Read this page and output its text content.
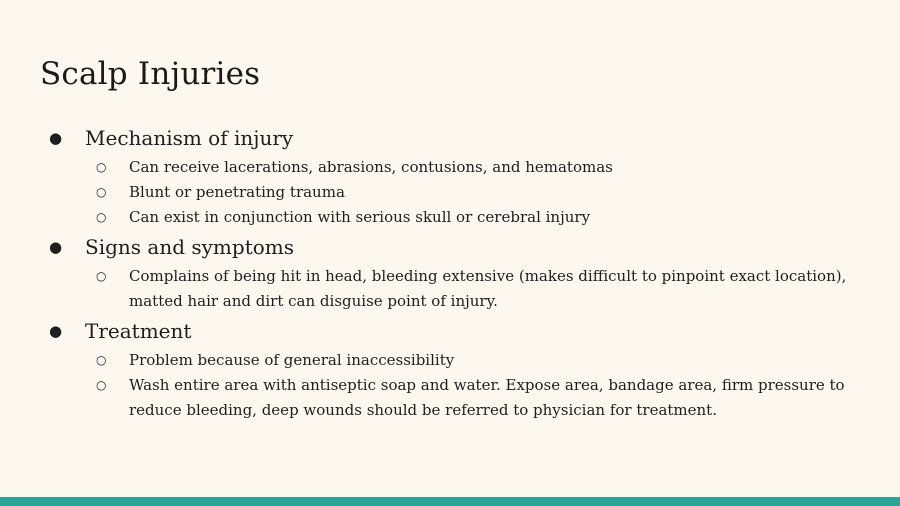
Scalp Injuries
● Mechanism of injury
○ Can receive lacerations, abrasions, contusions, and hematomas
○ Blunt or penetrating trauma
○ Can exist in conjunction with serious skull or cerebral injury
● Signs and symptoms
○ Complains of being hit in head, bleeding extensive (makes difficult to pinpoint exact location), matted hair and dirt can disguise point of injury.
● Treatment
○ Problem because of general inaccessibility
○ Wash entire area with antiseptic soap and water. Expose area, bandage area, firm pressure to reduce bleeding, deep wounds should be referred to physician for treatment.
